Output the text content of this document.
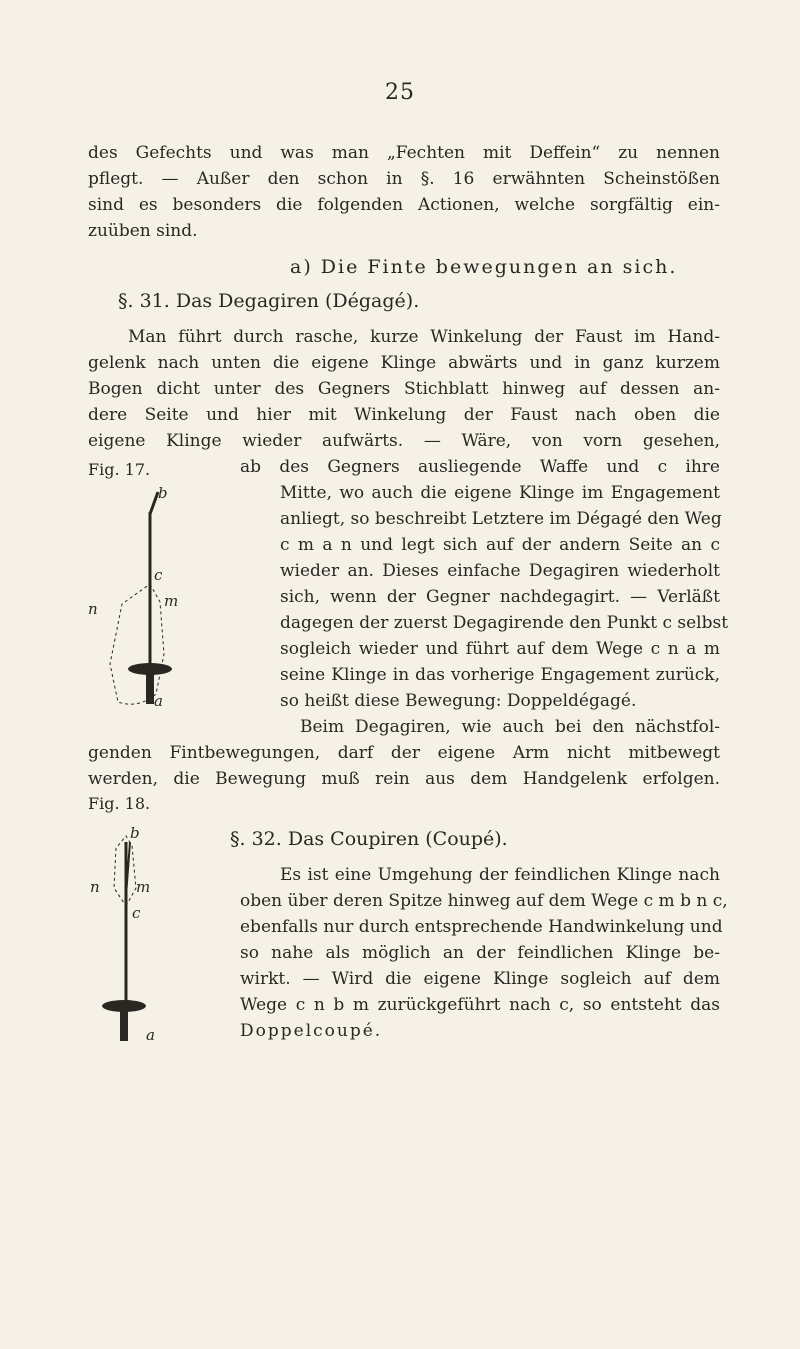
25
des Gefechts und was man „Fechten mit Deffein“ zu nennen
pflegt. — Außer den schon in §. 16 erwähnten Scheinstößen
sind es besonders die folgenden Actionen, welche sorgfältig ein-
zuüben sind.
a) Die Finte bewegungen an sich.
§. 31. Das Degagiren (Dégagé).
Man führt durch rasche, kurze Winkelung der Faust im Hand-
gelenk nach unten die eigene Klinge abwärts und in ganz kurzem
Bogen dicht unter des Gegners Stichblatt hinweg auf dessen an-
dere Seite und hier mit Winkelung der Faust nach oben die
eigene Klinge wieder aufwärts. — Wäre, von vorn gesehen,
Fig. 17.	ab des Gegners ausliegende Waffe und c ihre
Mitte, wo auch die eigene Klinge im Engagement
anliegt, so beschreibt Letztere im Dégagé den Weg
c m a n und legt sich auf der andern Seite an c
wieder an. Dieses einfache Degagiren wiederholt
sich, wenn der Gegner nachdegagirt. — Verläßt
dagegen der zuerst Degagirende den Punkt c selbst
sogleich wieder und führt auf dem Wege c n a m
seine Klinge in das vorherige Engagement zurück,
so heißt diese Bewegung: Doppeldégagé.
Beim Degagiren, wie auch bei den nächstfol-
genden Fintbewegungen, darf der eigene Arm nicht mitbewegt
werden, die Bewegung muß rein aus dem Handgelenk erfolgen.
b
c
n	m
a
Fig. 18.
§. 32. Das Coupiren (Coupé).
Es ist eine Umgehung der feindlichen Klinge nach
oben über deren Spitze hinweg auf dem Wege c m b n c,
ebenfalls nur durch entsprechende Handwinkelung und
so nahe als möglich an der feindlichen Klinge be-
wirkt. — Wird die eigene Klinge sogleich auf dem
Wege c n b m zurückgeführt nach c, so entsteht das
Doppelcoupé.
b
n m
c
a
